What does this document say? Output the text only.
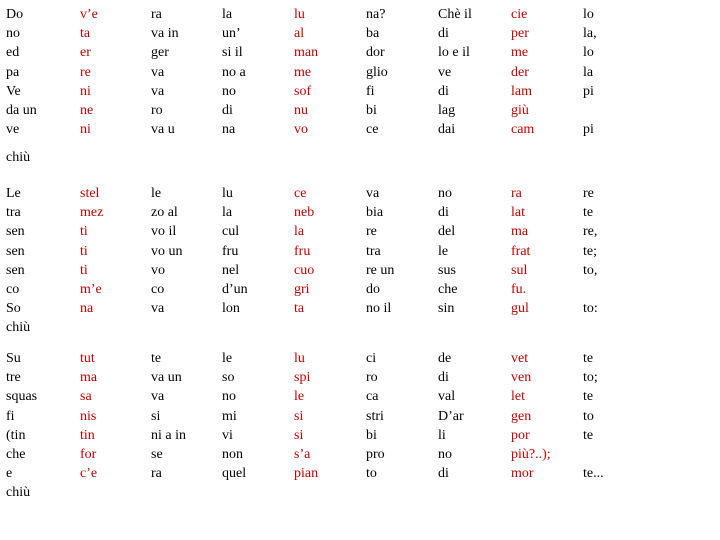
Do
no
ed
pa
Ve
da un
ve
v’e
ta
er
re
ni
ne
ni
ra
va in
ger
va
va
ro
va u
la
un’
si il
no a
no
di
na
lu
al
man
me
sof
nu
vo
na?
ba
dor
glio
fi
bi
ce
Chè il
di
lo e il
ve
di
lag
dai
cie
per
me
der
lam
giù
cam
lo
la,
lo
la
pi

pi
chiù
Le
tra
sen
sen
sen
co
So
chiù
stel
mez
ti
ti
ti
m’e
na
le
zo al
vo il
vo un
vo
co
va
lu
la
cul
fru
nel
d’un
lon
ce
neb
la
fru
cuo
gri
ta
va
bia
re
tra
re un
do
no il
no
di
del
le
sus
che
sin
ra
lat
ma
frat
sul
fu.
gul
re
te
re,
te;
to,

to:
Su
tre
squas
fi
(tin
che
e
chiù
tut
ma
sa
nis
tin
for
c’e
te
va un
va
si
ni a in
se
ra
le
so
no
mi
vi
non
quel
lu
spi
le
si
si
s’a
pian
ci
ro
ca
stri
bi
pro
to
de
di
val
D’ar
li
no
di
vet
ven
let
gen
por
più?..);
mor
te
to;
te
to
te

te...
